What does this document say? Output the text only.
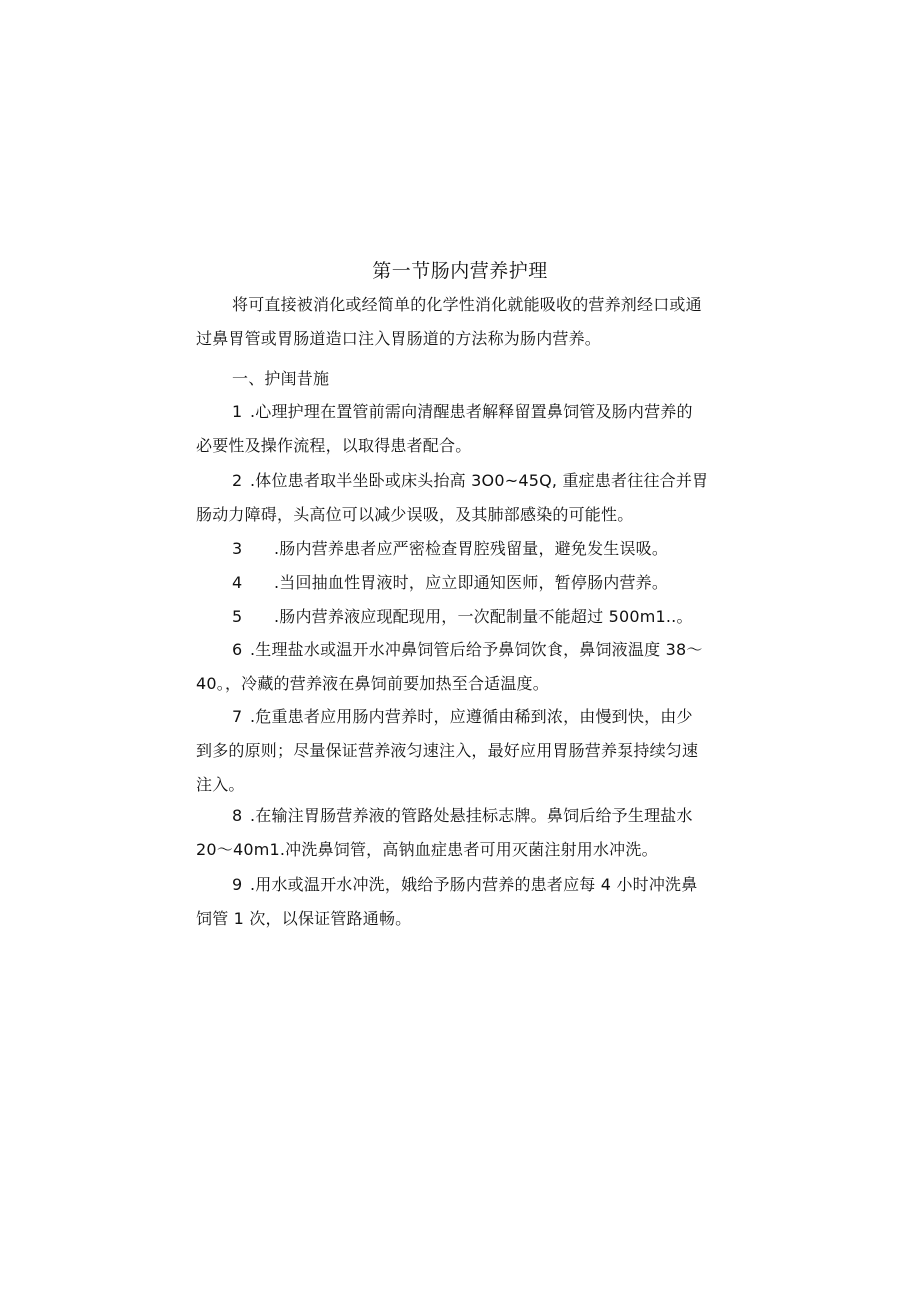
第一节肠内营养护理
将可直接被消化或经简单的化学性消化就能吸收的营养剂经口或通
过鼻胃管或胃肠道造口注入胃肠道的方法称为肠内营养。
一、护闺昔施
1 .心理护理在置管前需向清醒患者解释留置鼻饲管及肠内营养的
必要性及操作流程，以取得患者配合。
2 .体位患者取半坐卧或床头抬高 3O0~45Q, 重症患者往往合并胃
肠动力障碍，头高位可以减少误吸，及其肺部感染的可能性。
3 .肠内营养患者应严密检查胃腔残留量，避免发生误吸。
4 .当回抽血性胃液时，应立即通知医师，暂停肠内营养。
5 .肠内营养液应现配现用，一次配制量不能超过 500m1..。
6 .生理盐水或温开水冲鼻饲管后给予鼻饲饮食，鼻饲液温度 38～
40。，冷藏的营养液在鼻饲前要加热至合适温度。
7 .危重患者应用肠内营养时，应遵循由稀到浓，由慢到快，由少
到多的原则；尽量保证营养液匀速注入，最好应用胃肠营养泵持续匀速
注入。
8 .在输注胃肠营养液的管路处悬挂标志牌。鼻饲后给予生理盐水
20～40m1.冲洗鼻饲管，高钠血症患者可用灭菌注射用水冲洗。
9 .用水或温开水冲洗，娥给予肠内营养的患者应每 4 小时冲洗鼻
饲管 1 次，以保证管路通畅。
